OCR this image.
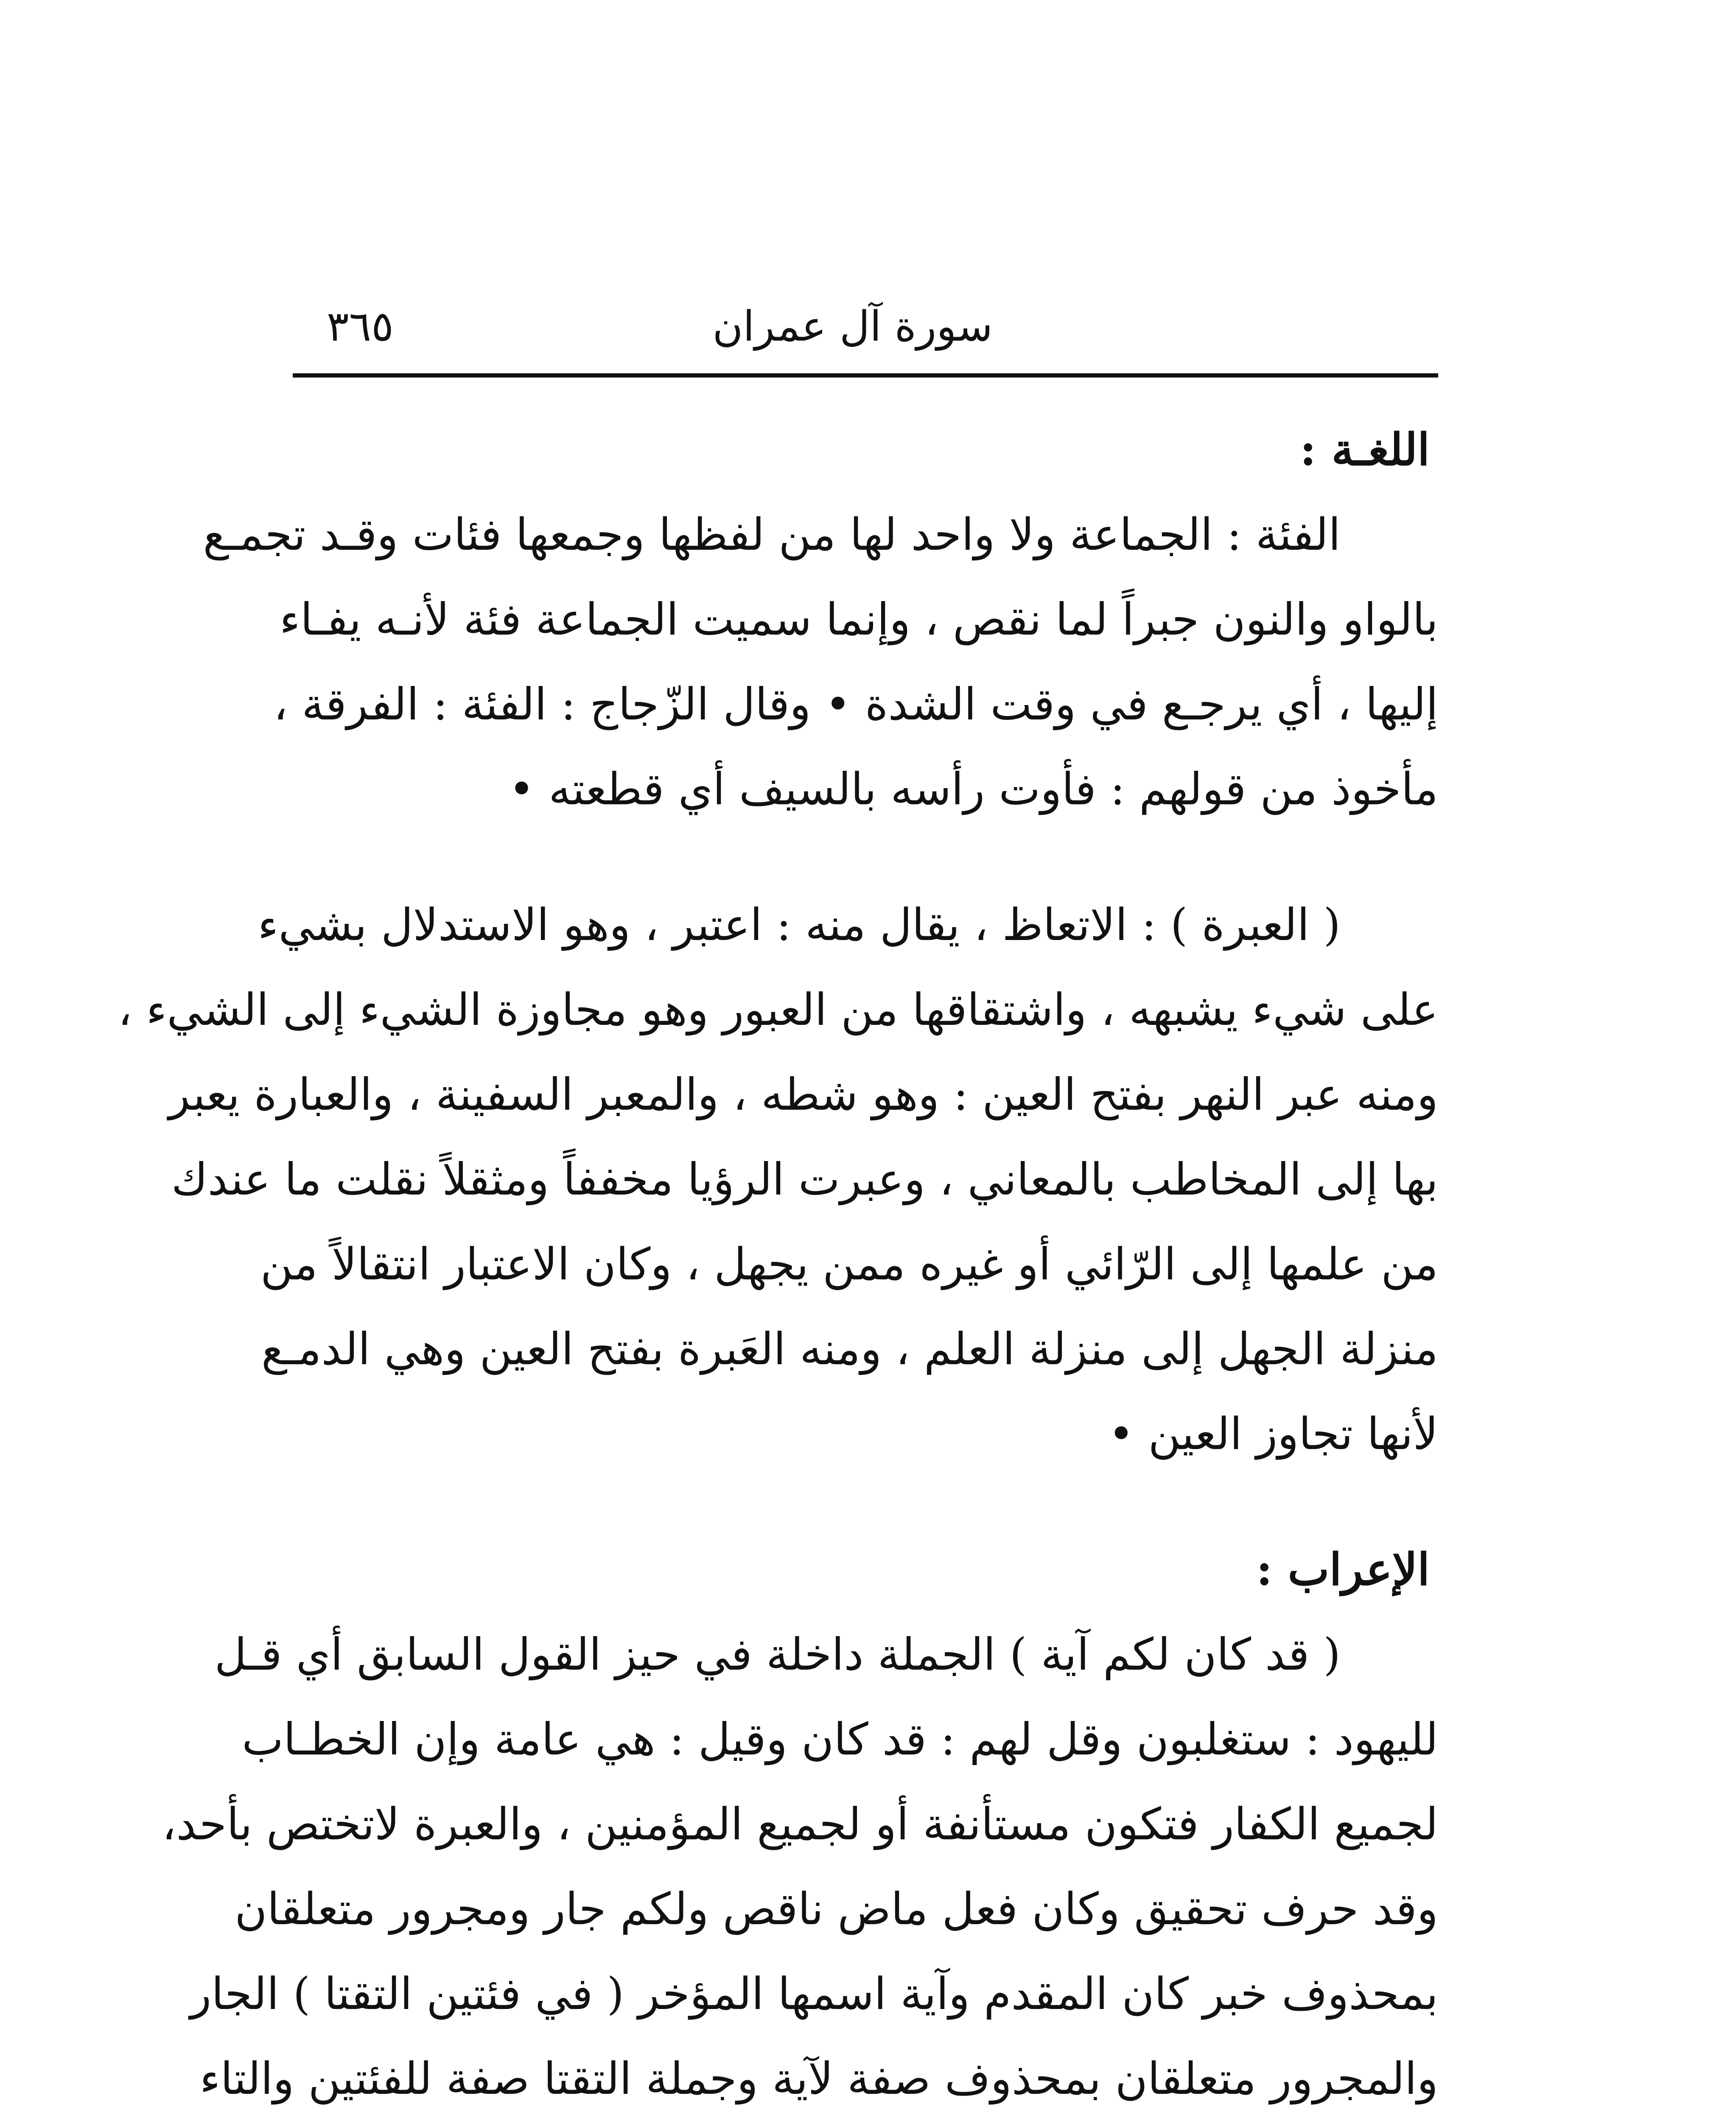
سورة آل عمران
٣٦٥
اللغـة :
الفئة : الجماعة ولا واحد لها من لفظها وجمعها فئات وقـد تجمـع
بالواو والنون جبراً لما نقص ، وإنما سميت الجماعة فئة لأنـه يفـاء
إليها ، أي يرجـع في وقت الشدة • وقال الزّجاج : الفئة : الفرقة ،
مأخوذ من قولهم : فأوت رأسه بالسيف أي قطعته •
( العبرة ) : الاتعاظ ، يقال منه : اعتبر ، وهو الاستدلال بشيء
على شيء يشبهه ، واشتقاقها من العبور وهو مجاوزة الشيء إلى الشيء ،
ومنه عبر النهر بفتح العين : وهو شطه ، والمعبر السفينة ، والعبارة يعبر
بها إلى المخاطب بالمعاني ، وعبرت الرؤيا مخففاً ومثقلاً نقلت ما عندك
من علمها إلى الرّائي أو غيره ممن يجهل ، وكان الاعتبار انتقالاً من
منزلة الجهل إلى منزلة العلم ، ومنه العَبرة بفتح العين وهي الدمـع
لأنها تجاوز العين •
الإعراب :
( قد كان لكم آية ) الجملة داخلة في حيز القول السابق أي قـل
لليهود : ستغلبون وقل لهم : قد كان وقيل : هي عامة وإن الخطـاب
لجميع الكفار فتكون مستأنفة أو لجميع المؤمنين ، والعبرة لاتختص بأحد،
وقد حرف تحقيق وكان فعل ماض ناقص ولكم جار ومجرور متعلقان
بمحذوف خبر كان المقدم وآية اسمها المؤخر ( في فئتين التقتا ) الجار
والمجرور متعلقان بمحذوف صفة لآية وجملة التقتا صفة للفئتين والتاء
